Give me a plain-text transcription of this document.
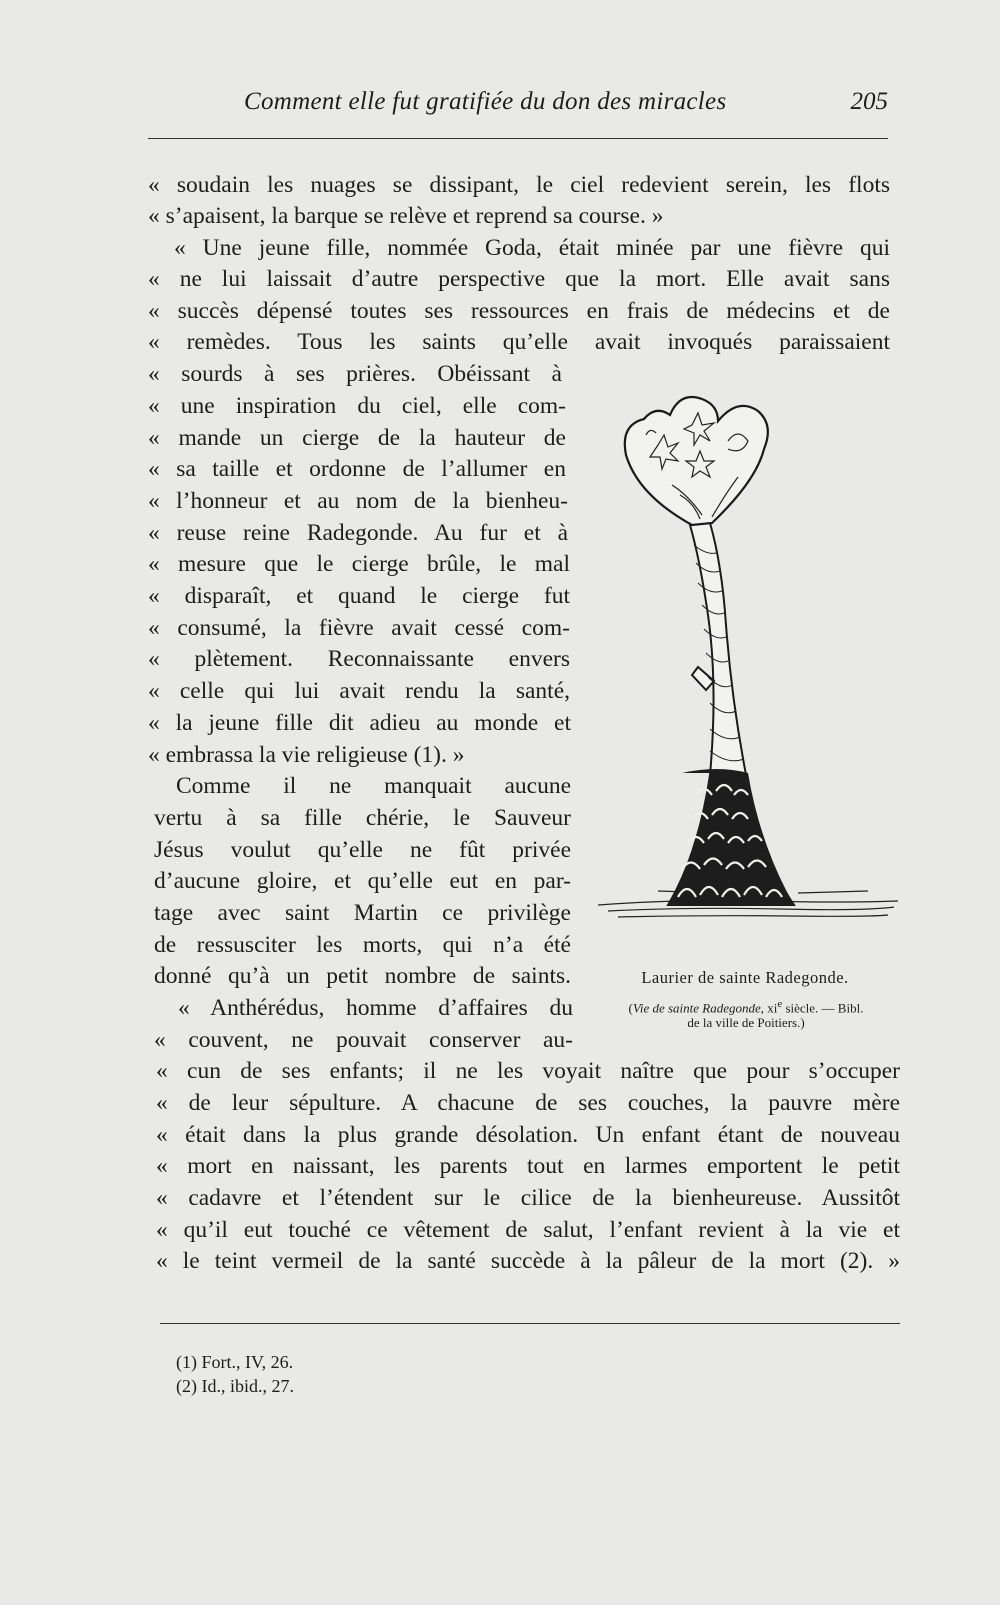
Comment elle fut gratifiée du don des miracles	205
« soudain les nuages se dissipant, le ciel redevient serein, les flots
« s’apaisent, la barque se relève et reprend sa course. »
« Une jeune fille, nommée Goda, était minée par une fièvre qui
« ne lui laissait d’autre perspective que la mort. Elle avait sans
« succès dépensé toutes ses ressources en frais de médecins et de
« remèdes. Tous les saints qu’elle avait invoqués paraissaient
« sourds à ses prières. Obéissant à
« une inspiration du ciel, elle com-
« mande un cierge de la hauteur de
« sa taille et ordonne de l’allumer en
« l’honneur et au nom de la bienheu-
« reuse reine Radegonde. Au fur et à
« mesure que le cierge brûle, le mal
« disparaît, et quand le cierge fut
« consumé, la fièvre avait cessé com-
« plètement. Reconnaissante envers
« celle qui lui avait rendu la santé,
« la jeune fille dit adieu au monde et
« embrassa la vie religieuse (1). »
Comme il ne manquait aucune
vertu à sa fille chérie, le Sauveur
Jésus voulut qu’elle ne fût privée
d’aucune gloire, et qu’elle eut en par-
tage avec saint Martin ce privilège
de ressusciter les morts, qui n’a été
donné qu’à un petit nombre de saints.
« Anthérédus, homme d’affaires du
« couvent, ne pouvait conserver au-
« cun de ses enfants; il ne les voyait naître que pour s’occuper
« de leur sépulture. A chacune de ses couches, la pauvre mère
« était dans la plus grande désolation. Un enfant étant de nouveau
« mort en naissant, les parents tout en larmes emportent le petit
« cadavre et l’étendent sur le cilice de la bienheureuse. Aussitôt
« qu’il eut touché ce vêtement de salut, l’enfant revient à la vie et
« le teint vermeil de la santé succède à la pâleur de la mort (2). »
Laurier de sainte Radegonde.
(Vie de sainte Radegonde, $xi^e$ siècle. — Bibl.
de la ville de Poitiers.)
(1) Fort., IV, 26.
(2) Id., ibid., 27.
